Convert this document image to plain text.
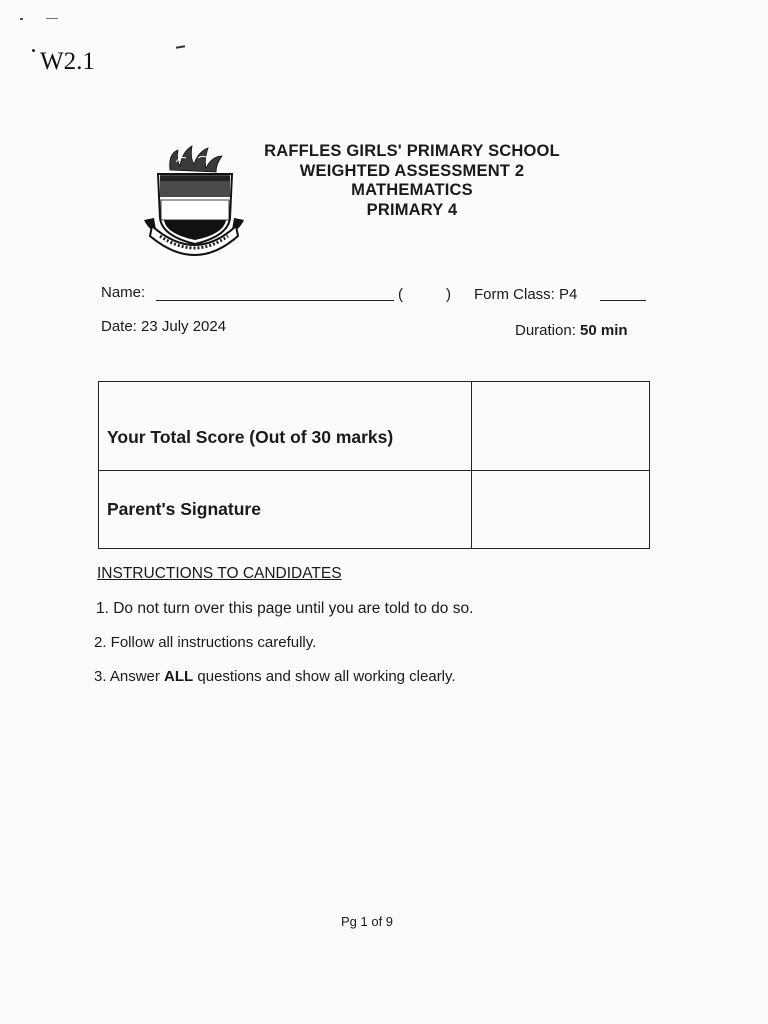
W2.1
RAFFLES GIRLS' PRIMARY SCHOOL
WEIGHTED ASSESSMENT 2
MATHEMATICS
PRIMARY 4
Name:	(	) Form Class: P4
Date: 23 July 2024	Duration: 50 min
Your Total Score (Out of 30 marks)
Parent's Signature
INSTRUCTIONS TO CANDIDATES
1. Do not turn over this page until you are told to do so.
2. Follow all instructions carefully.
3. Answer ALL questions and show all working clearly.
Pg 1 of 9
